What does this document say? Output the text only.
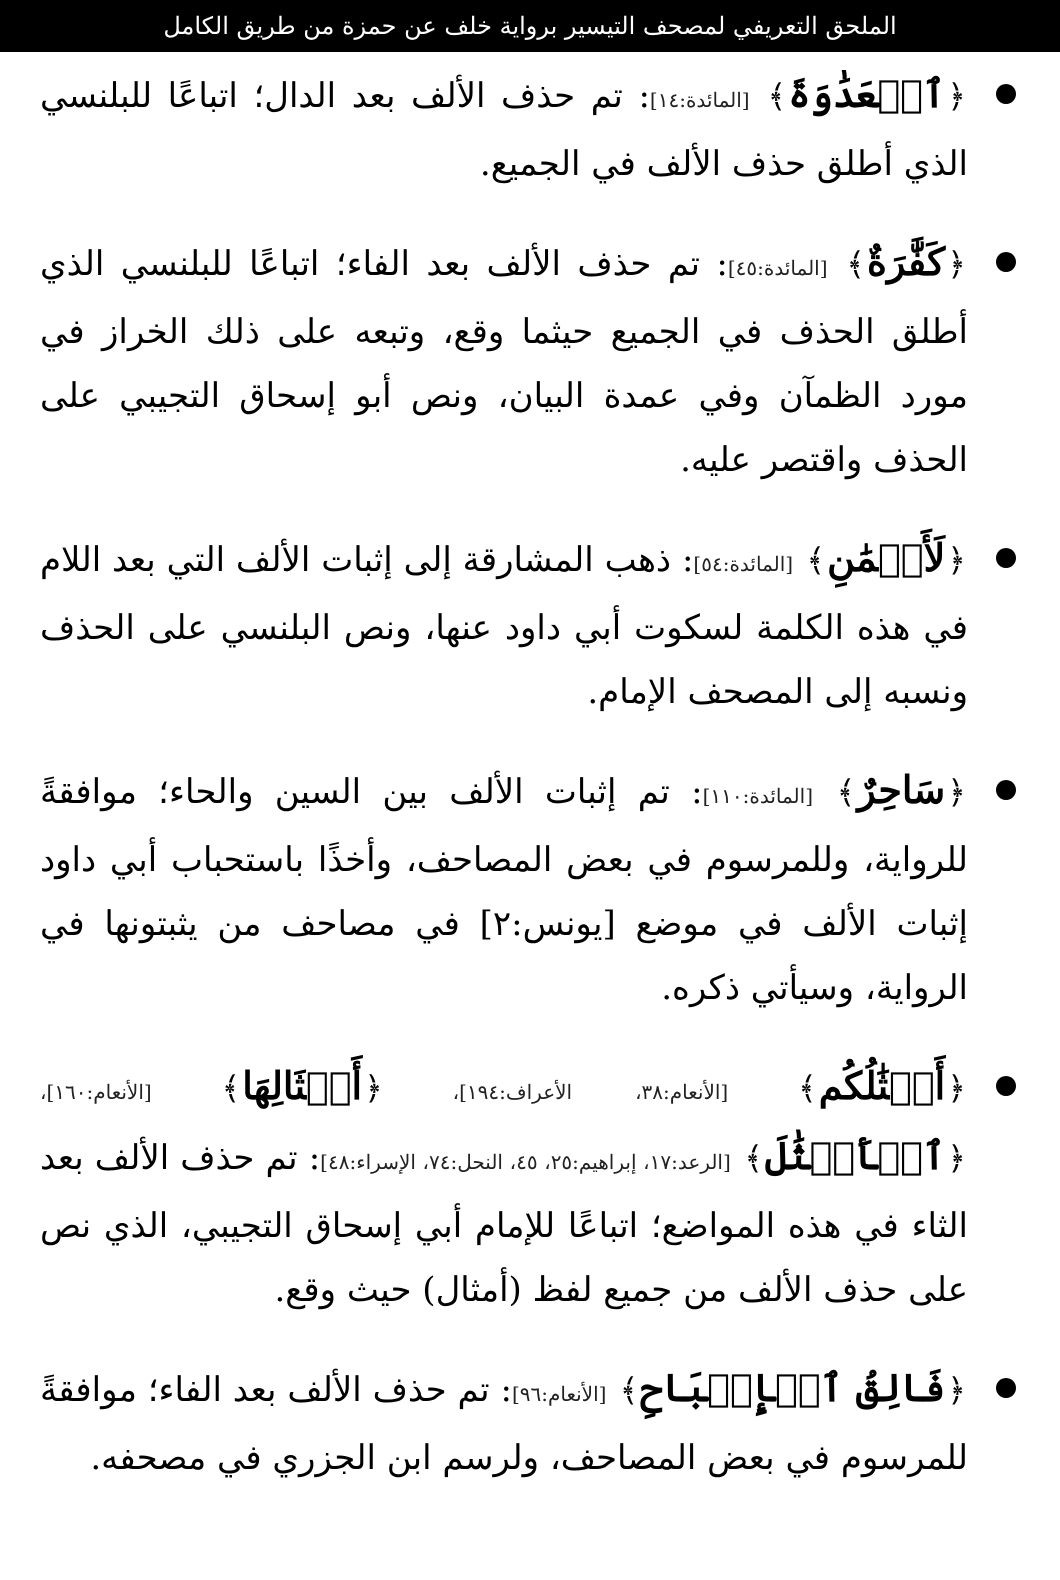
الملحق التعريفي لمصحف التيسير برواية خلف عن حمزة من طريق الكامل
﴿ٱلۡعَدَٰوَةَ﴾ [المائدة:١٤]: تم حذف الألف بعد الدال؛ اتباعًا للبلنسي الذي أطلق حذف الألف في الجميع.
﴿كَفَّٰرَةٌ﴾ [المائدة:٤٥]: تم حذف الألف بعد الفاء؛ اتباعًا للبلنسي الذي أطلق الحذف في الجميع حيثما وقع، وتبعه على ذلك الخراز في مورد الظمآن وفي عمدة البيان، ونص أبو إسحاق التجيبي على الحذف واقتصر عليه.
﴿لَأَيۡمَٰنِ﴾ [المائدة:٥٤]: ذهب المشارقة إلى إثبات الألف التي بعد اللام في هذه الكلمة لسكوت أبي داود عنها، ونص البلنسي على الحذف ونسبه إلى المصحف الإمام.
﴿سَاحِرٌ﴾ [المائدة:١١٠]: تم إثبات الألف بين السين والحاء؛ موافقةً للرواية، وللمرسوم في بعض المصاحف، وأخذًا باستحباب أبي داود إثبات الألف في موضع [يونس:٢] في مصاحف من يثبتونها في الرواية، وسيأتي ذكره.
﴿أَمۡثَٰلُكُم﴾ [الأنعام:٣٨، الأعراف:١٩٤]، ﴿أَمۡثَالِهَا﴾ [الأنعام:١٦٠]، ﴿ٱلۡأَمۡثَٰلَ﴾ [الرعد:١٧، إبراهيم:٢٥، ٤٥، النحل:٧٤، الإسراء:٤٨]: تم حذف الألف بعد الثاء في هذه المواضع؛ اتباعًا للإمام أبي إسحاق التجيبي، الذي نص على حذف الألف من جميع لفظ (أمثال) حيث وقع.
﴿فَالِقُ ٱلۡإِصۡبَاحِ﴾ [الأنعام:٩٦]: تم حذف الألف بعد الفاء؛ موافقةً للمرسوم في بعض المصاحف، ولرسم ابن الجزري في مصحفه.
